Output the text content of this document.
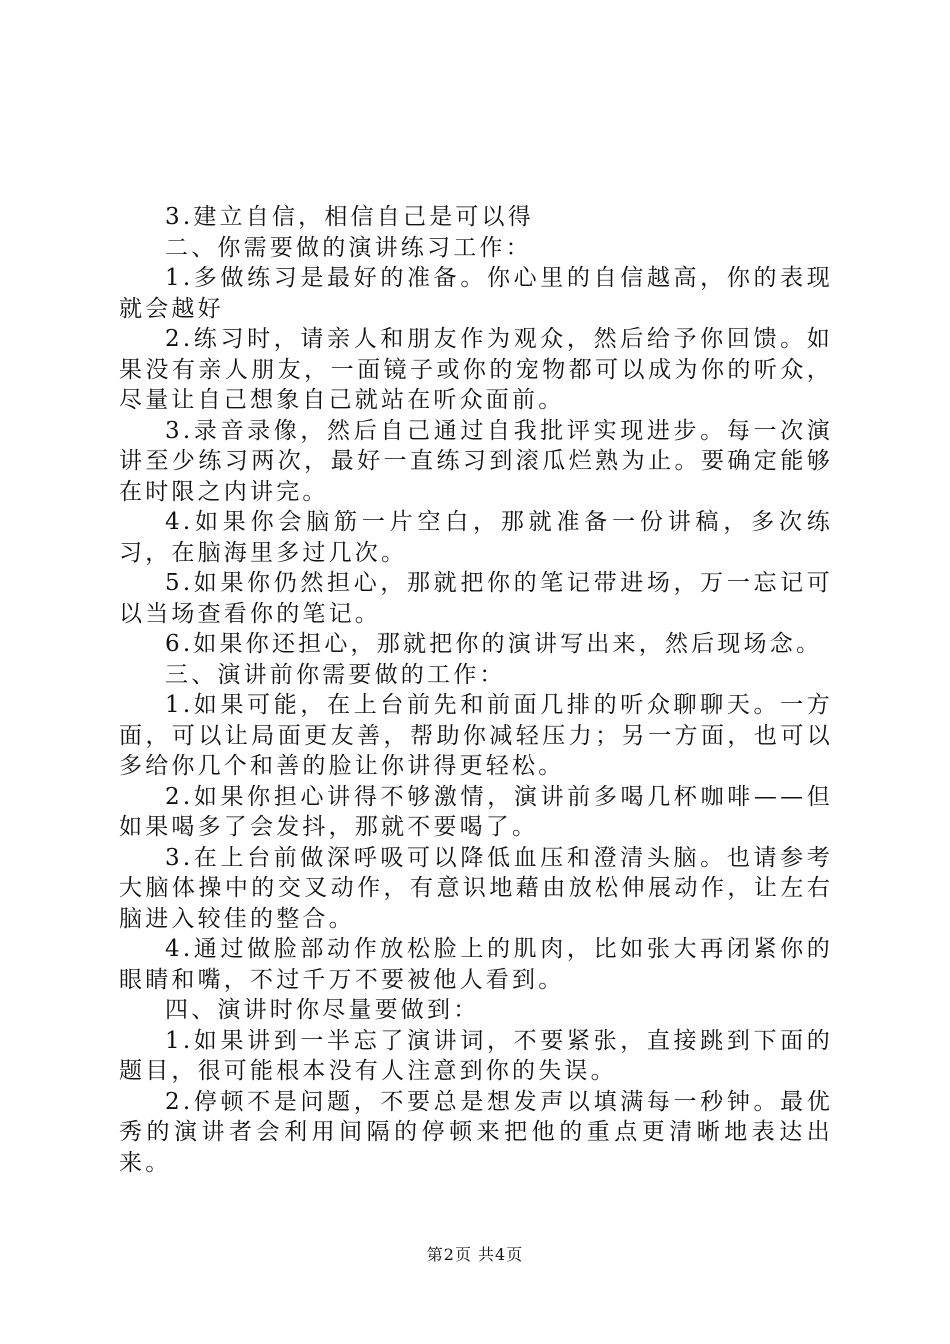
3.建立自信，相信自己是可以得

二、你需要做的演讲练习工作：

1.多做练习是最好的准备。你心里的自信越高，你的表现就会越好

2.练习时，请亲人和朋友作为观众，然后给予你回馈。如果没有亲人朋友，一面镜子或你的宠物都可以成为你的听众，尽量让自己想象自己就站在听众面前。

3.录音录像，然后自己通过自我批评实现进步。每一次演讲至少练习两次，最好一直练习到滚瓜烂熟为止。要确定能够在时限之内讲完。

4.如果你会脑筋一片空白，那就准备一份讲稿，多次练习，在脑海里多过几次。

5.如果你仍然担心，那就把你的笔记带进场，万一忘记可以当场查看你的笔记。

6.如果你还担心，那就把你的演讲写出来，然后现场念。

三、演讲前你需要做的工作：

1.如果可能，在上台前先和前面几排的听众聊聊天。一方面，可以让局面更友善，帮助你减轻压力；另一方面，也可以多给你几个和善的脸让你讲得更轻松。

2.如果你担心讲得不够激情，演讲前多喝几杯咖啡——但如果喝多了会发抖，那就不要喝了。

3.在上台前做深呼吸可以降低血压和澄清头脑。也请参考大脑体操中的交叉动作，有意识地藉由放松伸展动作，让左右脑进入较佳的整合。

4.通过做脸部动作放松脸上的肌肉，比如张大再闭紧你的眼睛和嘴，不过千万不要被他人看到。

四、演讲时你尽量要做到：

1.如果讲到一半忘了演讲词，不要紧张，直接跳到下面的题目，很可能根本没有人注意到你的失误。

2.停顿不是问题，不要总是想发声以填满每一秒钟。最优秀的演讲者会利用间隔的停顿来把他的重点更清晰地表达出来。

第2页 共4页
